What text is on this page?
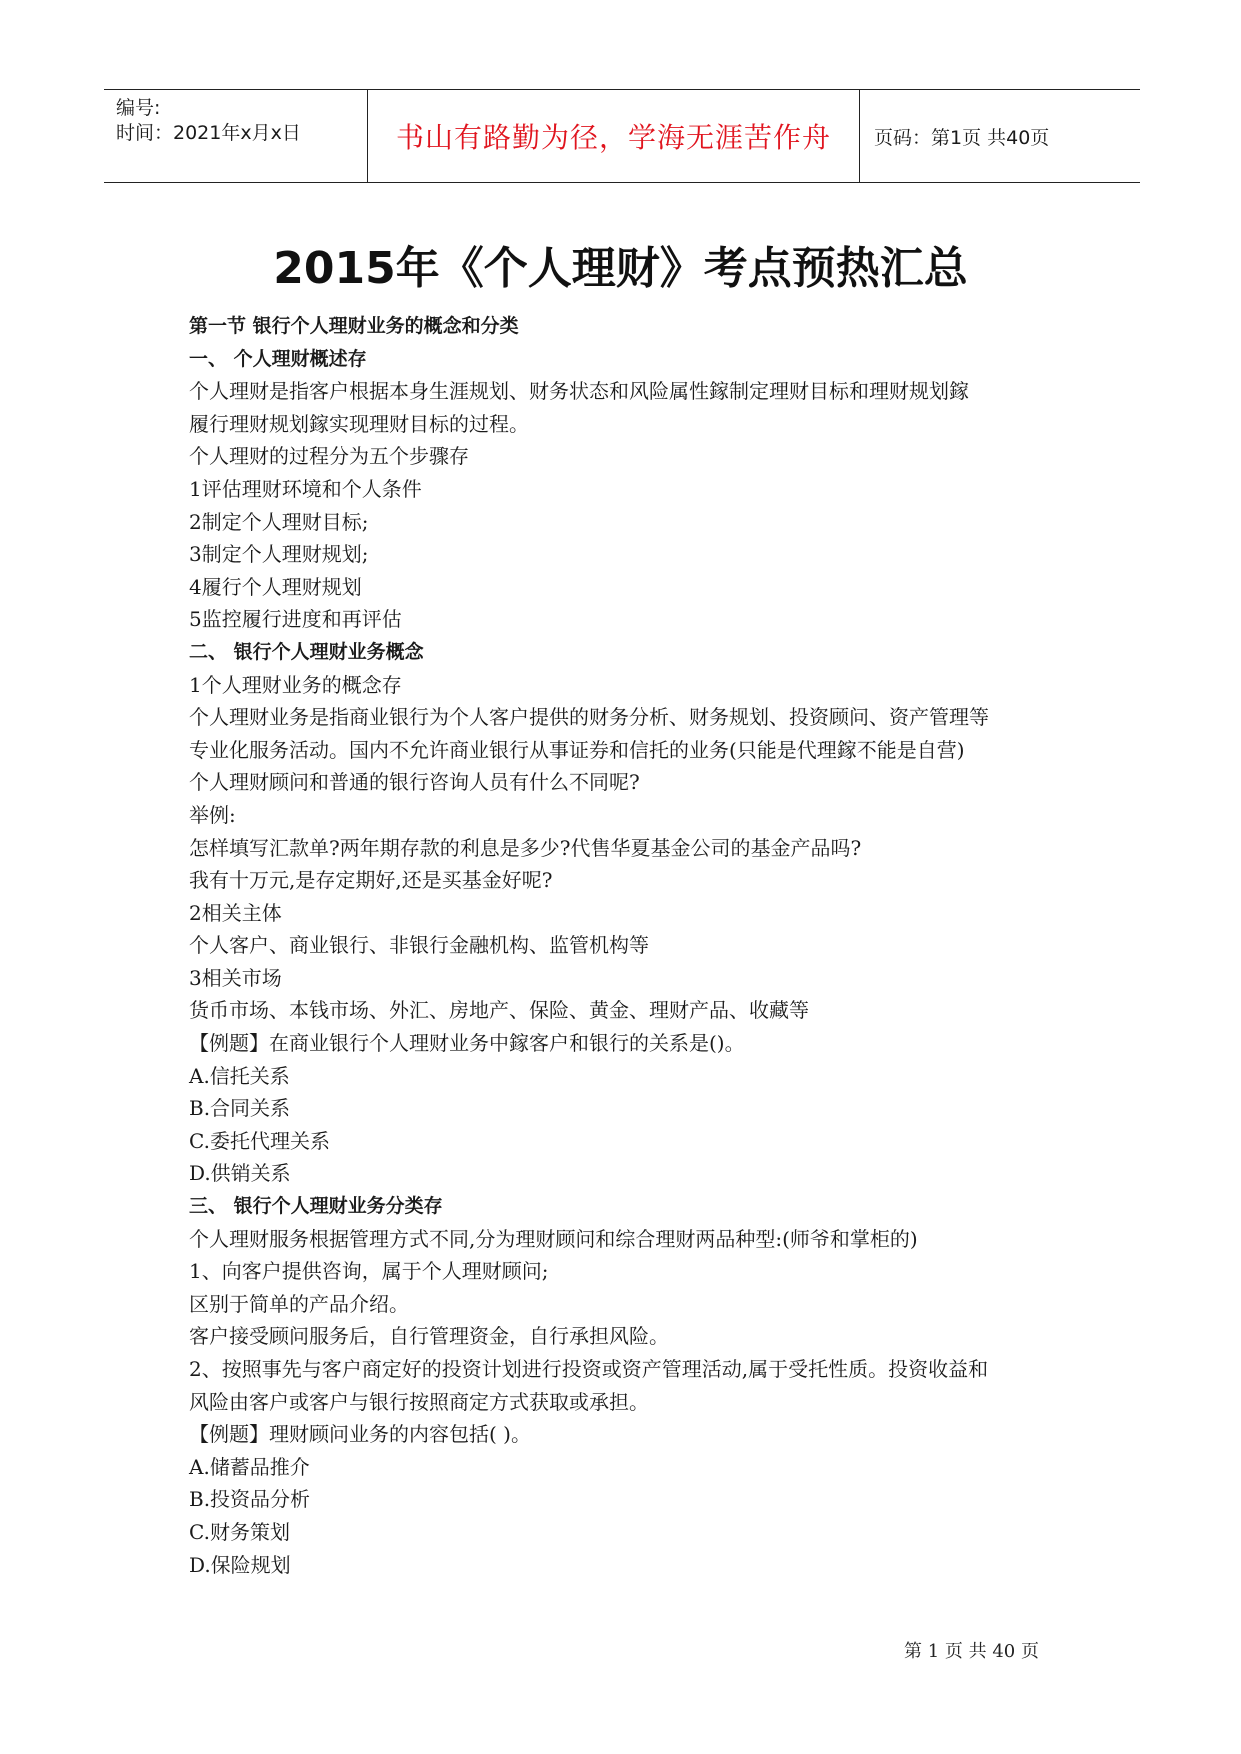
编号:
时间：2021年x月x日	书山有路勤为径，学海无涯苦作舟 页码：第1页 共40页
2015年《个人理财》考点预热汇总
第一节 银行个人理财业务的概念和分类
一、 个人理财概述存
个人理财是指客户根据本身生涯规划、财务状态和风险属性鎵制定理财目标和理财规划鎵
履行理财规划鎵实现理财目标的过程。
个人理财的过程分为五个步骤存
1评估理财环境和个人条件
2制定个人理财目标;
3制定个人理财规划;
4履行个人理财规划
5监控履行进度和再评估
二、 银行个人理财业务概念
1个人理财业务的概念存
个人理财业务是指商业银行为个人客户提供的财务分析、财务规划、投资顾问、资产管理等
专业化服务活动。国内不允许商业银行从事证券和信托的业务(只能是代理鎵不能是自营)
个人理财顾问和普通的银行咨询人员有什么不同呢?
举例:
怎样填写汇款单?两年期存款的利息是多少?代售华夏基金公司的基金产品吗?
我有十万元,是存定期好,还是买基金好呢?
2相关主体
个人客户、商业银行、非银行金融机构、监管机构等
3相关市场
货币市场、本钱市场、外汇、房地产、保险、黄金、理财产品、收藏等
【例题】在商业银行个人理财业务中鎵客户和银行的关系是()。
A.信托关系
B.合同关系
C.委托代理关系
D.供销关系
三、 银行个人理财业务分类存
个人理财服务根据管理方式不同,分为理财顾问和综合理财两品种型:(师爷和掌柜的)
1、向客户提供咨询，属于个人理财顾问;
区别于简单的产品介绍。
客户接受顾问服务后，自行管理资金，自行承担风险。
2、按照事先与客户商定好的投资计划进行投资或资产管理活动,属于受托性质。投资收益和
风险由客户或客户与银行按照商定方式获取或承担。
【例题】理财顾问业务的内容包括( )。
A.储蓄品推介
B.投资品分析
C.财务策划
D.保险规划
第 1 页 共 40 页
